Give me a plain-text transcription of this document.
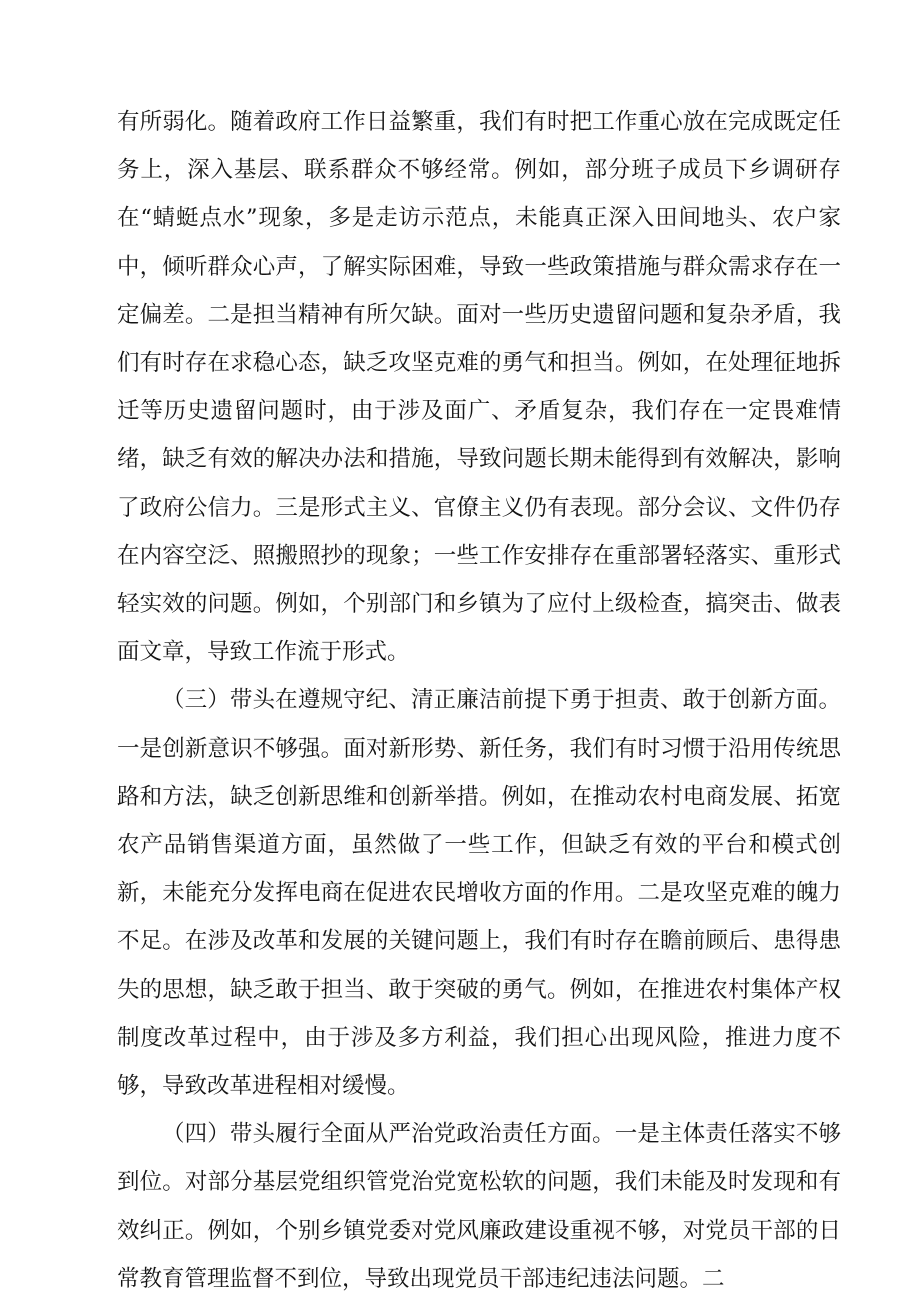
有所弱化。随着政府工作日益繁重，我们有时把工作重心放在完成既定任务上，深入基层、联系群众不够经常。例如，部分班子成员下乡调研存在“蜻蜓点水”现象，多是走访示范点，未能真正深入田间地头、农户家中，倾听群众心声，了解实际困难，导致一些政策措施与群众需求存在一定偏差。二是担当精神有所欠缺。面对一些历史遗留问题和复杂矛盾，我们有时存在求稳心态，缺乏攻坚克难的勇气和担当。例如，在处理征地拆迁等历史遗留问题时，由于涉及面广、矛盾复杂，我们存在一定畏难情绪，缺乏有效的解决办法和措施，导致问题长期未能得到有效解决，影响了政府公信力。三是形式主义、官僚主义仍有表现。部分会议、文件仍存在内容空泛、照搬照抄的现象；一些工作安排存在重部署轻落实、重形式轻实效的问题。例如，个别部门和乡镇为了应付上级检查，搞突击、做表面文章，导致工作流于形式。

（三）带头在遵规守纪、清正廉洁前提下勇于担责、敢于创新方面。一是创新意识不够强。面对新形势、新任务，我们有时习惯于沿用传统思路和方法，缺乏创新思维和创新举措。例如，在推动农村电商发展、拓宽农产品销售渠道方面，虽然做了一些工作，但缺乏有效的平台和模式创新，未能充分发挥电商在促进农民增收方面的作用。二是攻坚克难的魄力不足。在涉及改革和发展的关键问题上，我们有时存在瞻前顾后、患得患失的思想，缺乏敢于担当、敢于突破的勇气。例如，在推进农村集体产权制度改革过程中，由于涉及多方利益，我们担心出现风险，推进力度不够，导致改革进程相对缓慢。

（四）带头履行全面从严治党政治责任方面。一是主体责任落实不够到位。对部分基层党组织管党治党宽松软的问题，我们未能及时发现和有效纠正。例如，个别乡镇党委对党风廉政建设重视不够，对党员干部的日常教育管理监督不到位，导致出现党员干部违纪违法问题。二
